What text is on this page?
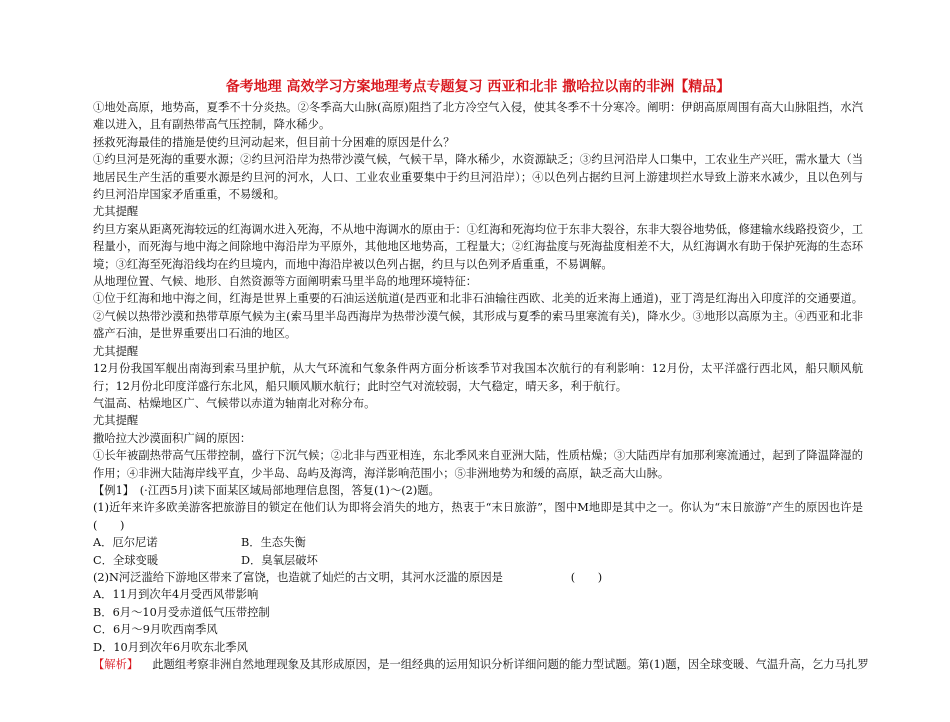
备考地理 高效学习方案地理考点专题复习 西亚和北非 撒哈拉以南的非洲【精品】

①地处高原，地势高，夏季不十分炎热。②冬季高大山脉(高原)阻挡了北方冷空气入侵，使其冬季不十分寒冷。阐明：伊朗高原周围有高大山脉阻挡，水汽难以进入，且有副热带高气压控制，降水稀少。

拯救死海最佳的措施是使约旦河动起来，但目前十分困难的原因是什么？

①约旦河是死海的重要水源；②约旦河沿岸为热带沙漠气候，气候干旱，降水稀少，水资源缺乏；③约旦河沿岸人口集中，工农业生产兴旺，需水量大（当地居民生产生活的重要水源是约旦河的河水，人口、工业农业重要集中于约旦河沿岸）；④以色列占据约旦河上游建坝拦水导致上游来水减少，且以色列与约旦河沿岸国家矛盾重重，不易缓和。

尤其提醒

约旦方案从距离死海较远的红海调水进入死海，不从地中海调水的原由于：①红海和死海均位于东非大裂谷，东非大裂谷地势低，修建输水线路投资少，工程量小，而死海与地中海之间除地中海沿岸为平原外，其他地区地势高，工程量大；②红海盐度与死海盐度相差不大，从红海调水有助于保护死海的生态环境；③红海至死海沿线均在约旦境内，而地中海沿岸被以色列占据，约旦与以色列矛盾重重，不易调解。

从地理位置、气候、地形、自然资源等方面阐明索马里半岛的地理环境特征：

①位于红海和地中海之间，红海是世界上重要的石油运送航道(是西亚和北非石油输往西欧、北美的近来海上通道)，亚丁湾是红海出入印度洋的交通要道。②气候以热带沙漠和热带草原气候为主(索马里半岛西海岸为热带沙漠气候，其形成与夏季的索马里寒流有关)，降水少。③地形以高原为主。④西亚和北非盛产石油，是世界重要出口石油的地区。

尤其提醒

12月份我国军舰出南海到索马里护航，从大气环流和气象条件两方面分析该季节对我国本次航行的有利影响：12月份，太平洋盛行西北风，船只顺风航行；12月份北印度洋盛行东北风，船只顺风顺水航行；此时空气对流较弱，大气稳定，晴天多，利于航行。

气温高、枯燥地区广、气候带以赤道为轴南北对称分布。

尤其提醒

撒哈拉大沙漠面积广阔的原因：

①长年被副热带高气压带控制，盛行下沉气候；②北非与西亚相连，东北季风来自亚洲大陆，性质枯燥；③大陆西岸有加那利寒流通过，起到了降温降湿的作用；④非洲大陆海岸线平直，少半岛、岛屿及海湾，海洋影响范围小；⑤非洲地势为和缓的高原，缺乏高大山脉。

【例1】　(·江西5月)读下面某区域局部地理信息图，答复(1)～(2)题。

(1)近年来许多欧美游客把旅游目的锁定在他们认为即将会消失的地方，热衷于“末日旅游”，图中M地即是其中之一。你认为“末日旅游”产生的原因也许是(　　)

A．厄尔尼诺	B．生态失衡
C．全球变暖	D．臭氧层破坏

(2)N河泛滥给下游地区带来了富饶，也造就了灿烂的古文明，其河水泛滥的原因是　　　　　　(　　)

A．11月到次年4月受西风带影响

B．6月～10月受赤道低气压带控制

C．6月～9月吹西南季风

D．10月到次年6月吹东北季风

【解析】 此题组考察非洲自然地理现象及其形成原因，是一组经典的运用知识分析详细问题的能力型试题。第(1)题，因全球变暖、气温升高，乞力马扎罗
